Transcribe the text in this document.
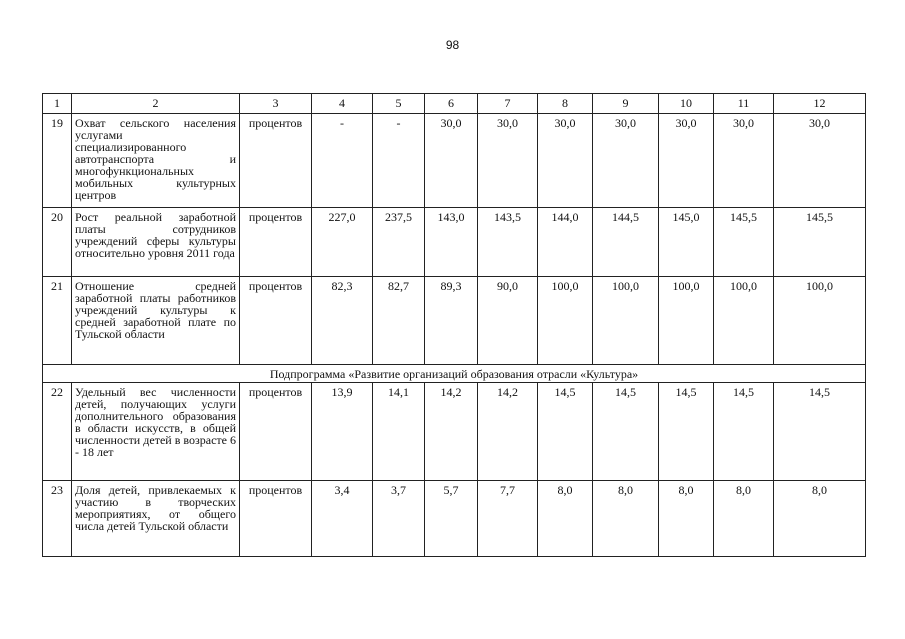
98
1	2	3	4	5	6	7	8	9	10	11	12
19	Охват сельского населения услугами специализированного автотранспорта и многофункциональных мобильных культурных центров	процентов	-	-	30,0	30,0	30,0	30,0	30,0	30,0	30,0
20	Рост реальной заработной платы сотрудников учреждений сферы культуры относительно уровня 2011 года	процентов	227,0	237,5	143,0	143,5	144,0	144,5	145,0	145,5	145,5
21	Отношение средней заработной платы работников учреждений культуры к средней заработной плате по Тульской области	процентов	82,3	82,7	89,3	90,0	100,0	100,0	100,0	100,0	100,0
Подпрограмма «Развитие организаций образования отрасли «Культура»											
22	Удельный вес численности детей, получающих услуги дополнительного образования в области искусств, в общей численности детей в возрасте 6 - 18 лет	процентов	13,9	14,1	14,2	14,2	14,5	14,5	14,5	14,5	14,5
23	Доля детей, привлекаемых к участию в творческих мероприятиях, от общего числа детей Тульской области	процентов	3,4	3,7	5,7	7,7	8,0	8,0	8,0	8,0	8,0
